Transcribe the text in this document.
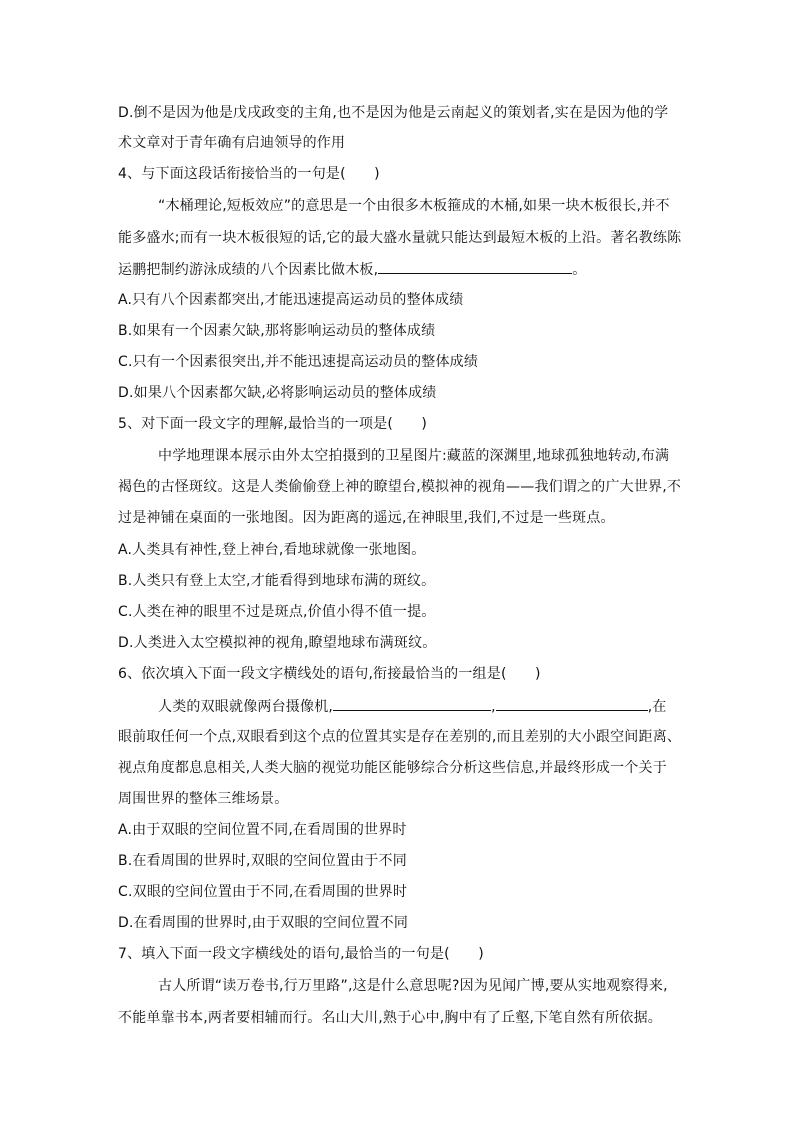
D.倒不是因为他是戊戌政变的主角,也不是因为他是云南起义的策划者,实在是因为他的学
术文章对于青年确有启迪领导的作用
4、与下面这段话衔接恰当的一句是(　　)
“木桶理论,短板效应”的意思是一个由很多木板箍成的木桶,如果一块木板很长,并不
能多盛水;而有一块木板很短的话,它的最大盛水量就只能达到最短木板的上沿。著名教练陈
运鹏把制约游泳成绩的八个因素比做木板,	。
A.只有八个因素都突出,才能迅速提高运动员的整体成绩
B.如果有一个因素欠缺,那将影响运动员的整体成绩
C.只有一个因素很突出,并不能迅速提高运动员的整体成绩
D.如果八个因素都欠缺,必将影响运动员的整体成绩
5、对下面一段文字的理解,最恰当的一项是(　　)
中学地理课本展示由外太空拍摄到的卫星图片:藏蓝的深渊里,地球孤独地转动,布满
褐色的古怪斑纹。这是人类偷偷登上神的瞭望台,模拟神的视角——我们谓之的广大世界,不
过是神铺在桌面的一张地图。因为距离的遥远,在神眼里,我们,不过是一些斑点。
A.人类具有神性,登上神台,看地球就像一张地图。
B.人类只有登上太空,才能看得到地球布满的斑纹。
C.人类在神的眼里不过是斑点,价值小得不值一提。
D.人类进入太空模拟神的视角,瞭望地球布满斑纹。
6、依次填入下面一段文字横线处的语句,衔接最恰当的一组是(　　)
人类的双眼就像两台摄像机,	,	,在
眼前取任何一个点,双眼看到这个点的位置其实是存在差别的,而且差别的大小跟空间距离、
视点角度都息息相关,人类大脑的视觉功能区能够综合分析这些信息,并最终形成一个关于
周围世界的整体三维场景。
A.由于双眼的空间位置不同,在看周围的世界时
B.在看周围的世界时,双眼的空间位置由于不同
C.双眼的空间位置由于不同,在看周围的世界时
D.在看周围的世界时,由于双眼的空间位置不同
7、填入下面一段文字横线处的语句,最恰当的一句是(　　)
古人所谓“读万卷书,行万里路”,这是什么意思呢?因为见闻广博,要从实地观察得来,
不能单靠书本,两者要相辅而行。名山大川,熟于心中,胸中有了丘壑,下笔自然有所依据。
